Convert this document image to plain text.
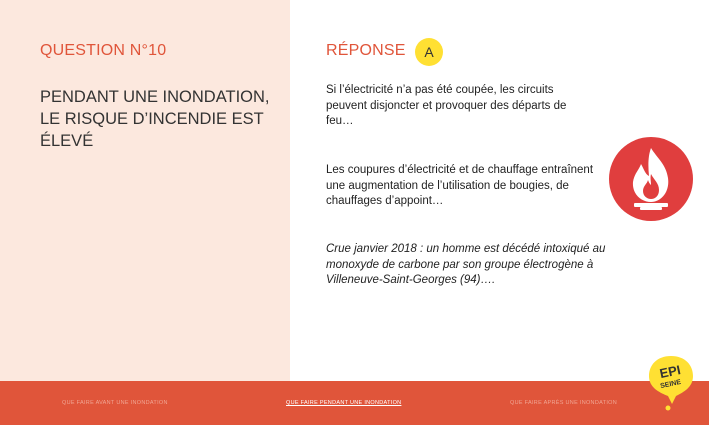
QUESTION N°10
PENDANT UNE INONDATION, LE RISQUE D’INCENDIE EST ÉLEVÉ
RÉPONSE	A
Si l’électricité n’a pas été coupée, les circuits peuvent disjoncter et provoquer des départs de feu…
Les coupures d’électricité et de chauffage entraînent une augmentation de l’utilisation de bougies, de chauffages d’appoint…
Crue janvier 2018 : un homme est décédé intoxiqué au monoxyde de carbone par son groupe électrogène à Villeneuve-Saint-Georges (94)….
QUE FAIRE AVANT UNE INONDATION	QUE FAIRE PENDANT UNE INONDATION	QUE FAIRE APRÈS UNE INONDATION
EPI
SEINE
